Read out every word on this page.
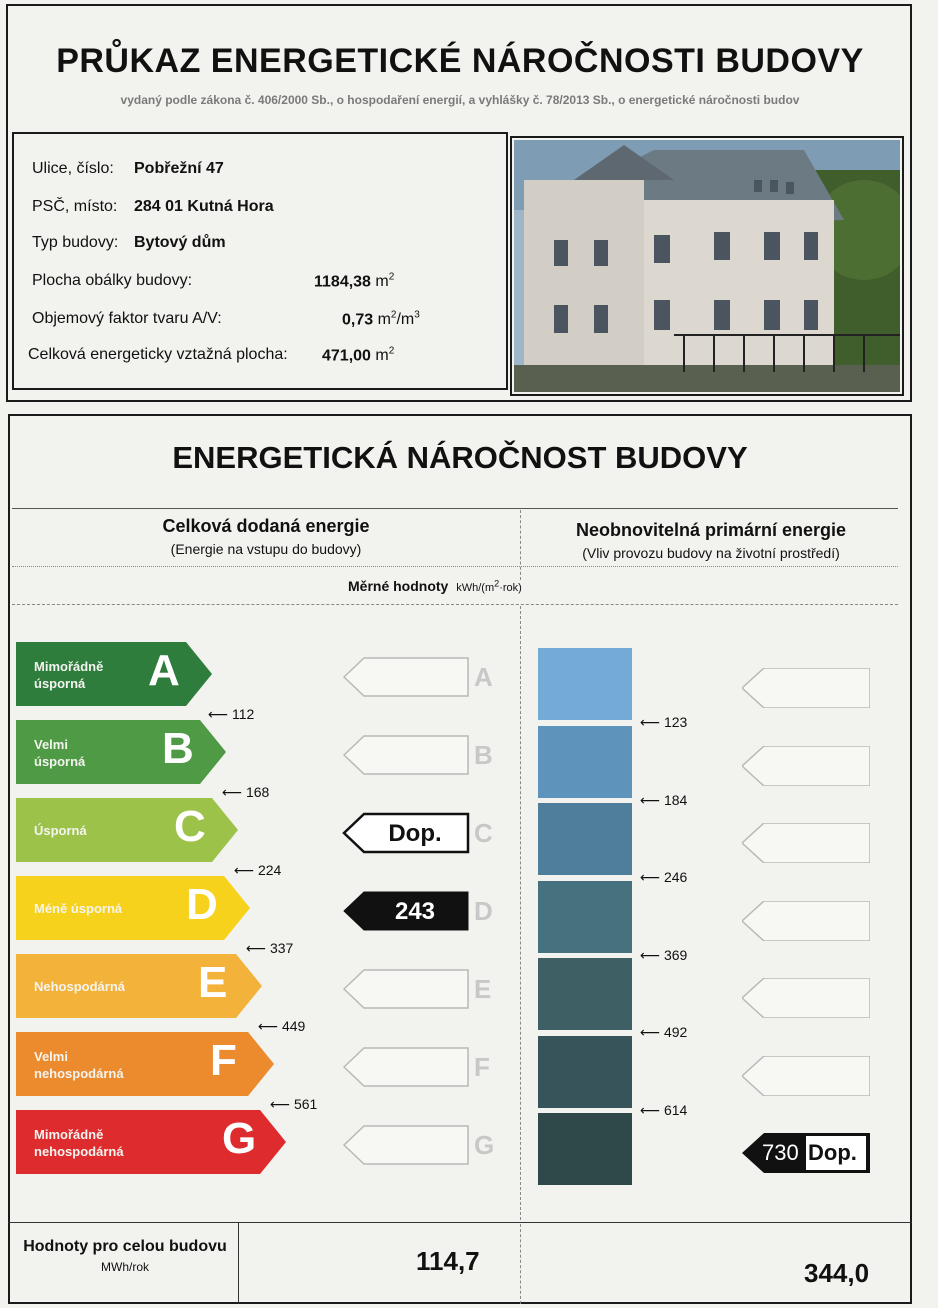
PRŮKAZ ENERGETICKÉ NÁROČNOSTI BUDOVY
vydaný podle zákona č. 406/2000 Sb., o hospodaření energií, a vyhlášky č. 78/2013 Sb., o energetické náročnosti budov
Ulice, číslo: Pobřežní 47
PSČ, místo: 284 01 Kutná Hora
Typ budovy: Bytový dům
Plocha obálky budovy:	1184,38 $m^2$
Objemový faktor tvaru A/V:	0,73 $m^2/m^3$
Celková energeticky vztažná plocha: 471,00 $m^2$
ENERGETICKÁ NÁROČNOST BUDOVY
Celková dodaná energie
(Energie na vstupu do budovy)
Neobnovitelná primární energie
(Vliv provozu budovy na životní prostředí)
Měrné hodnoty kWh/$(m^2\cdot rok)$
Mimořádně
úsporná	A
Velmi
úsporná B
Úsporná C
Méně úsporná D
Nehospodárná E
Velmi
nehospodárná F
Mimořádně
nehospodárná G
⟵ 112
⟵ 168
⟵ 224
⟵ 337
⟵ 449
⟵ 561
A
B
Dop.	C
243	D
E
F
G
⟵ 123
⟵ 184
⟵ 246
⟵ 369
⟵ 492
⟵ 614
730 Dop.
Hodnoty pro celou budovu
MWh/rok	114,7	344,0
